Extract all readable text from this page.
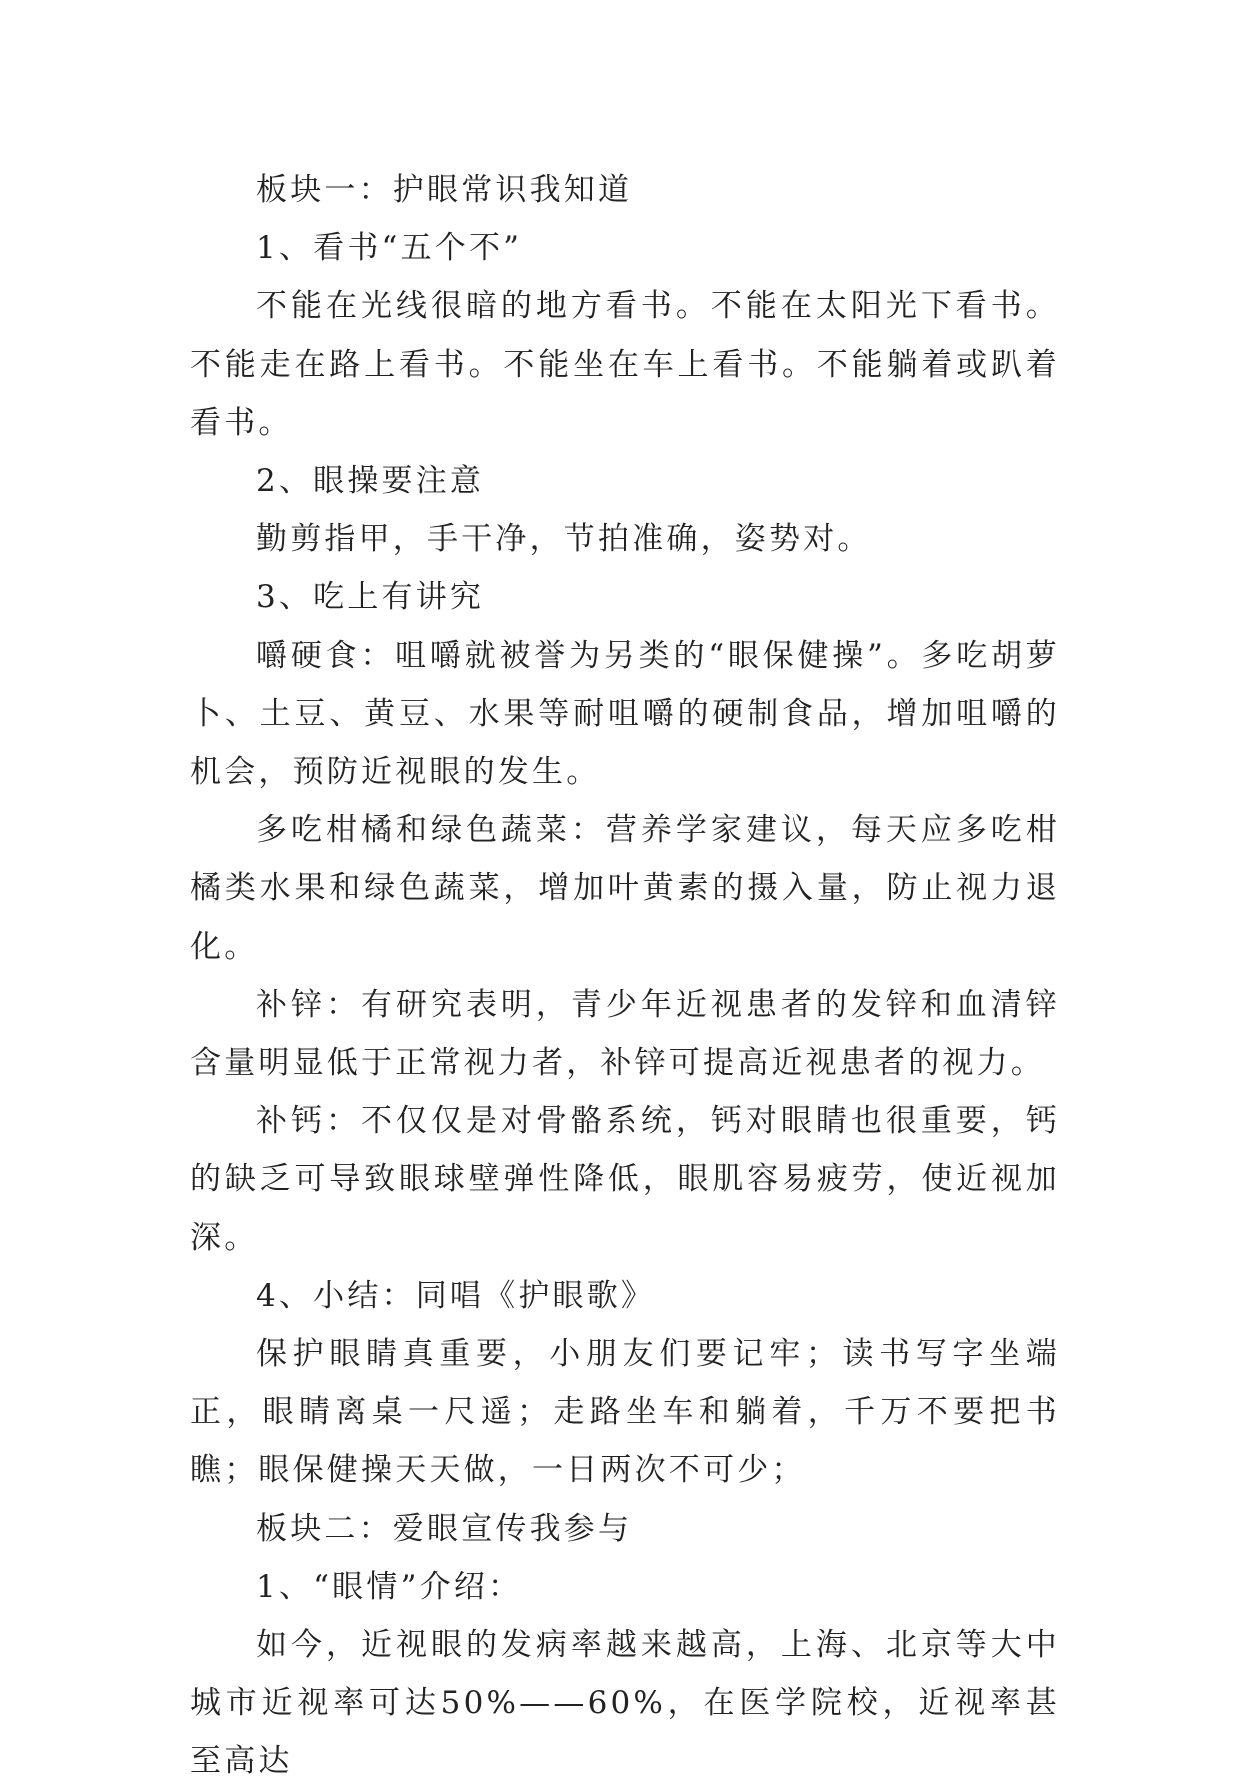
板块一：护眼常识我知道

1、看书“五个不”

不能在光线很暗的地方看书。不能在太阳光下看书。不能走在路上看书。不能坐在车上看书。不能躺着或趴着看书。

2、眼操要注意

勤剪指甲，手干净，节拍准确，姿势对。

3、吃上有讲究

嚼硬食：咀嚼就被誉为另类的“眼保健操”。多吃胡萝卜、土豆、黄豆、水果等耐咀嚼的硬制食品，增加咀嚼的机会，预防近视眼的发生。

多吃柑橘和绿色蔬菜：营养学家建议，每天应多吃柑橘类水果和绿色蔬菜，增加叶黄素的摄入量，防止视力退化。

补锌：有研究表明，青少年近视患者的发锌和血清锌含量明显低于正常视力者，补锌可提高近视患者的视力。

补钙：不仅仅是对骨骼系统，钙对眼睛也很重要，钙的缺乏可导致眼球壁弹性降低，眼肌容易疲劳，使近视加深。

4、小结：同唱《护眼歌》

保护眼睛真重要，小朋友们要记牢；读书写字坐端正，眼睛离桌一尺遥；走路坐车和躺着，千万不要把书瞧；眼保健操天天做，一日两次不可少；

板块二：爱眼宣传我参与

1、“眼情”介绍：

如今，近视眼的发病率越来越高，上海、北京等大中城市近视率可达50%——60%，在医学院校，近视率甚至高达
